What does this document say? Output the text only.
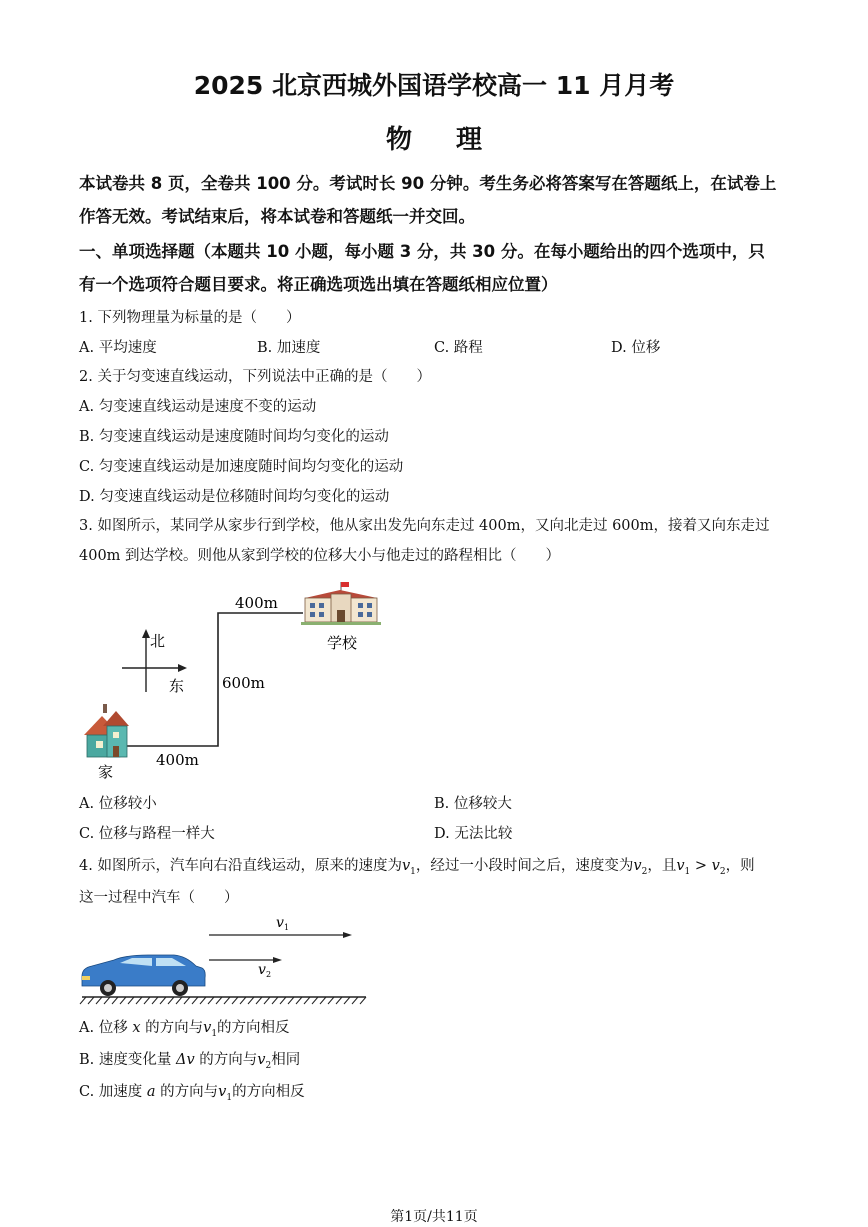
2025 北京西城外国语学校高一 11 月月考
物理
本试卷共 8 页，全卷共 100 分。考试时长 90 分钟。考生务必将答案写在答题纸上，在试卷上
作答无效。考试结束后，将本试卷和答题纸一并交回。
一、单项选择题（本题共 10 小题，每小题 3 分，共 30 分。在每小题给出的四个选项中，只
有一个选项符合题目要求。将正确选项选出填在答题纸相应位置）
1. 下列物理量为标量的是（　　）
A. 平均速度	B. 加速度	C. 路程	D. 位移
2. 关于匀变速直线运动，下列说法中正确的是（　　）
A. 匀变速直线运动是速度不变的运动
B. 匀变速直线运动是速度随时间均匀变化的运动
C. 匀变速直线运动是加速度随时间均匀变化的运动
D. 匀变速直线运动是位移随时间均匀变化的运动
3. 如图所示，某同学从家步行到学校，他从家出发先向东走过 400m，又向北走过 600m，接着又向东走过
400m 到达学校。则他从家到学校的位移大小与他走过的路程相比（　　）
北
东
400m
600m
400m
学校
家
A. 位移较小	B. 位移较大
C. 位移与路程一样大	D. 无法比较
4. 如图所示，汽车向右沿直线运动，原来的速度为$v_1$，经过一小段时间之后，速度变为$v_2$，且$v_1 > v_2$，则
这一过程中汽车（　　）
v 1
v 2
A. 位移 x 的方向与$v_1$的方向相反
B. 速度变化量 Δv 的方向与$v_2$相同
C. 加速度 a 的方向与$v_1$的方向相反
第1页/共11页
